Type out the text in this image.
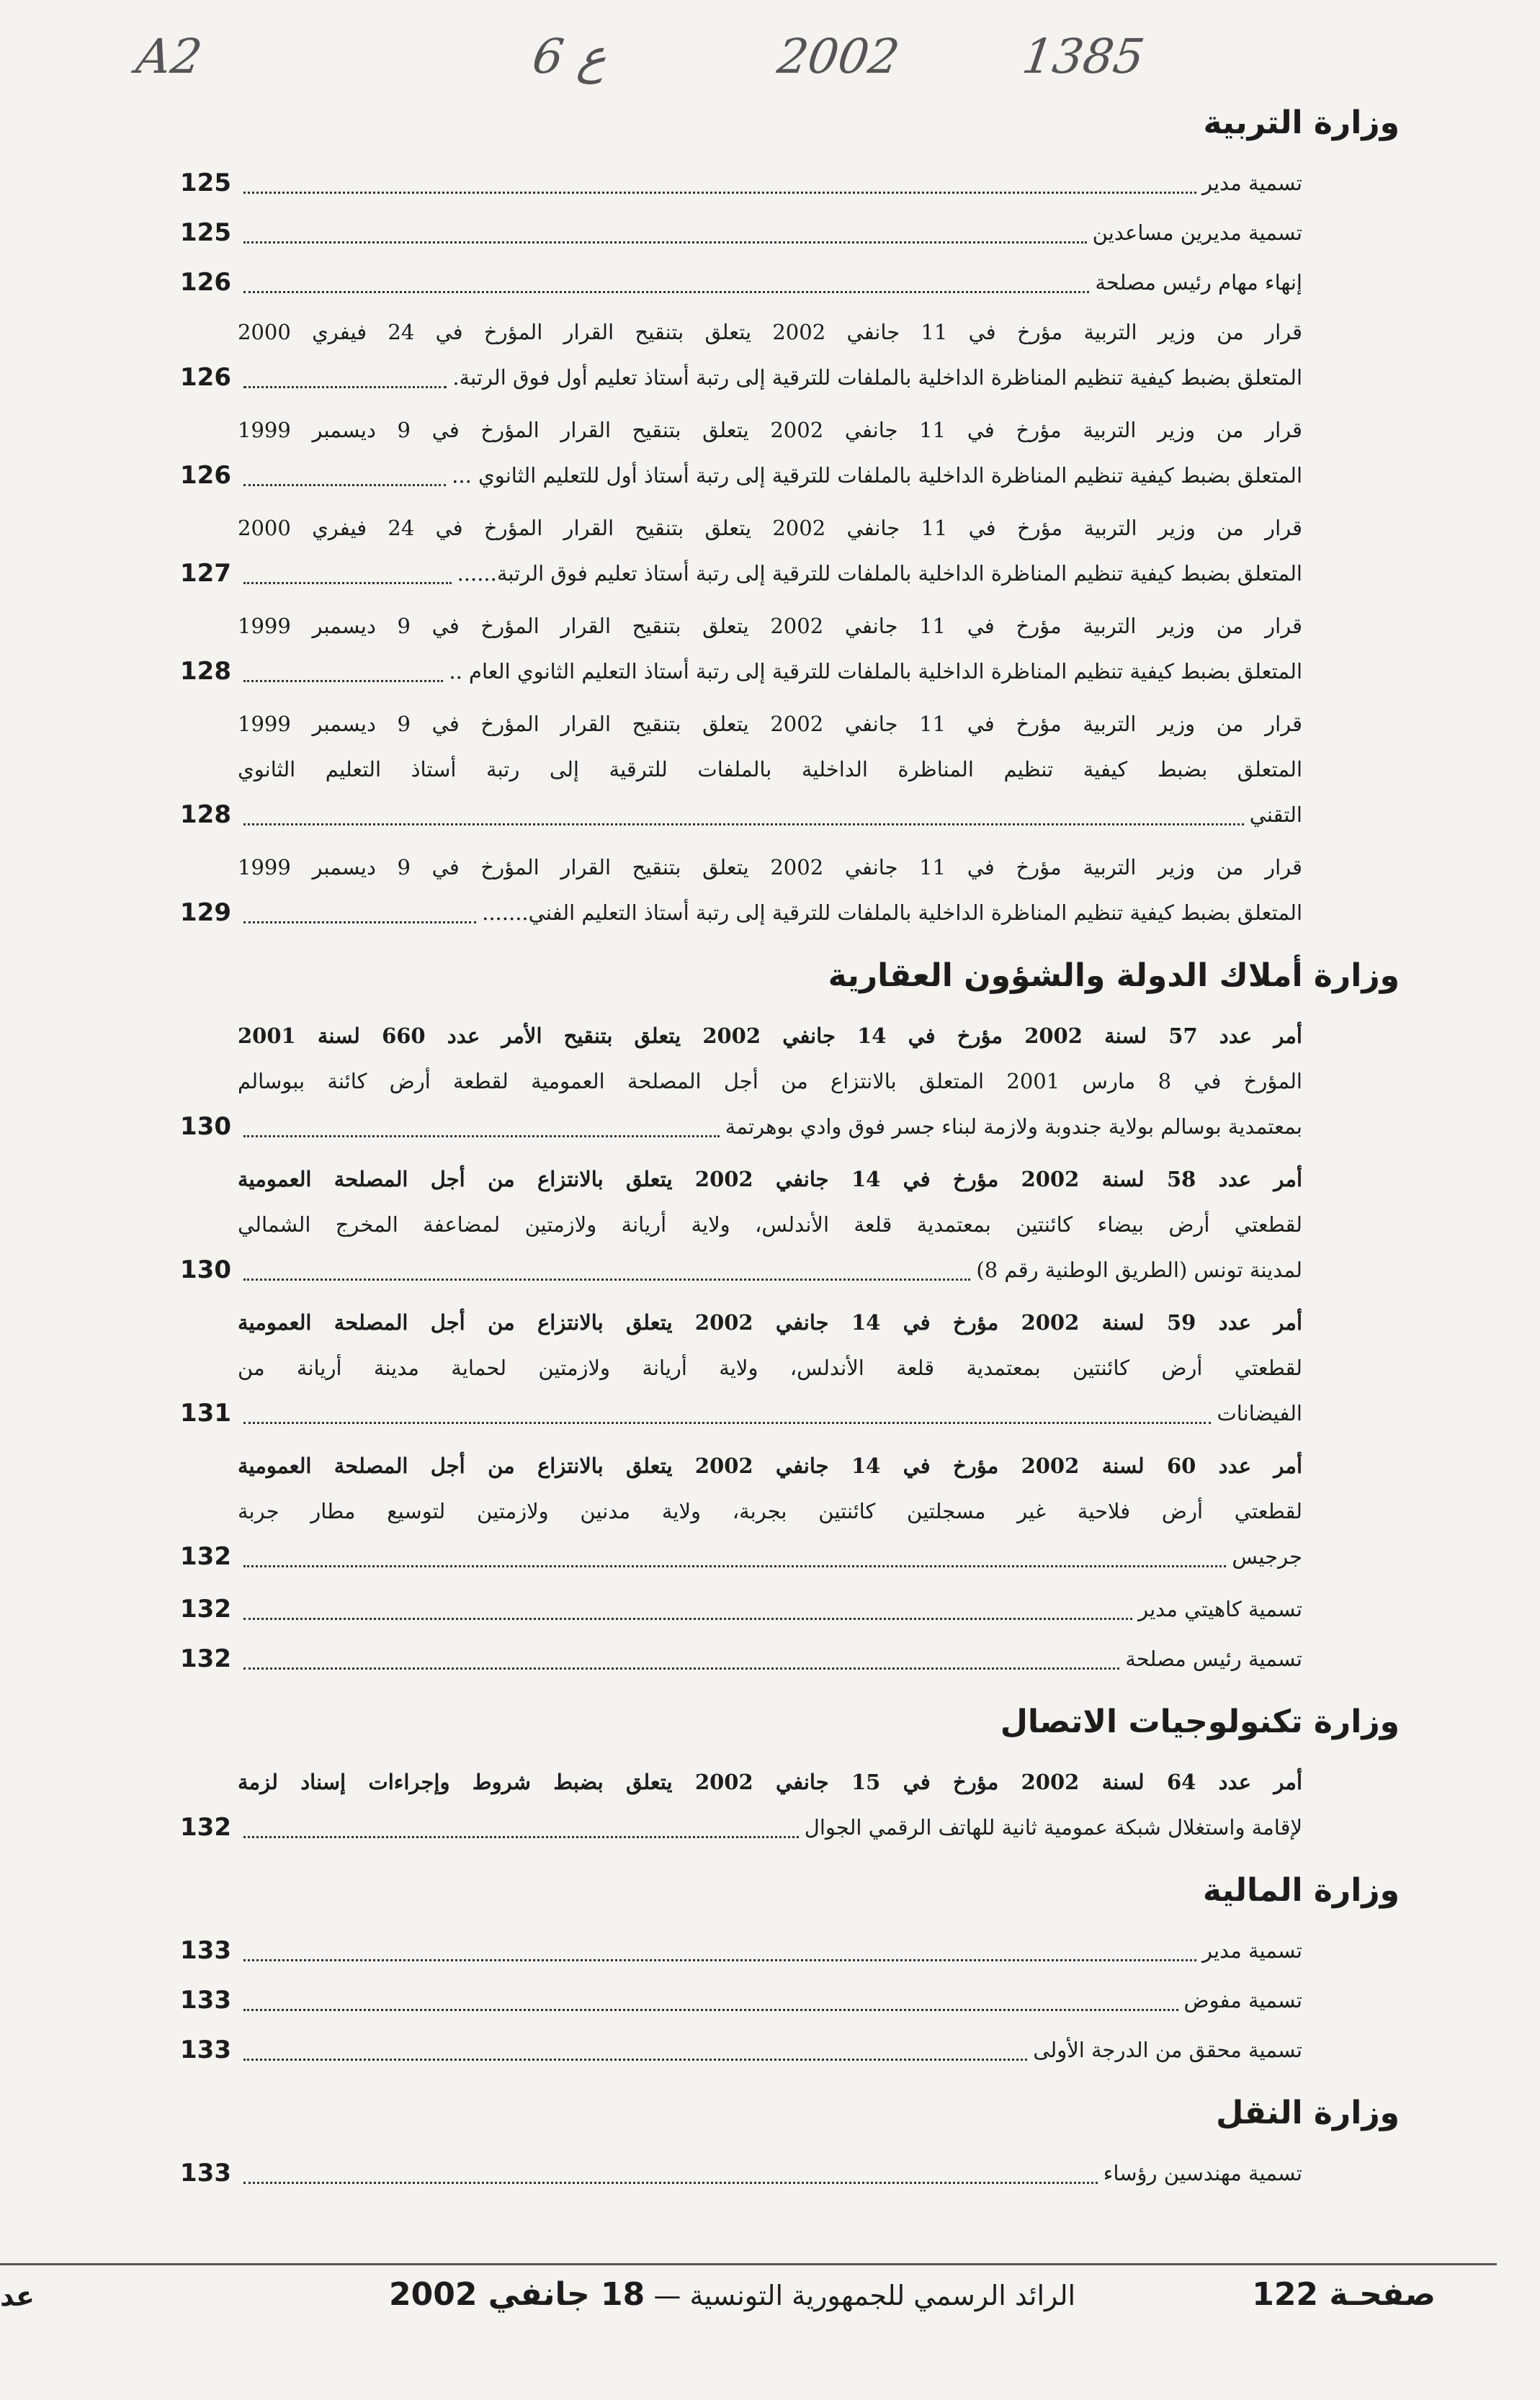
A2	6 ع	2002 1385
وزارة التربية
تسمية مدير
125
تسمية مديرين مساعدين
125
إنهاء مهام رئيس مصلحة
126

قرار من وزير التربية مؤرخ في 11 جانفي 2002 يتعلق بتنقيح القرار المؤرخ في 24 فيفري 2000

المتعلق بضبط كيفية تنظيم المناظرة الداخلية بالملفات للترقية إلى رتبة أستاذ تعليم أول فوق الرتبة.

126

قرار من وزير التربية مؤرخ في 11 جانفي 2002 يتعلق بتنقيح القرار المؤرخ في 9 ديسمبر 1999

المتعلق بضبط كيفية تنظيم المناظرة الداخلية بالملفات للترقية إلى رتبة أستاذ أول للتعليم الثانوي ...

126

قرار من وزير التربية مؤرخ في 11 جانفي 2002 يتعلق بتنقيح القرار المؤرخ في 24 فيفري 2000

المتعلق بضبط كيفية تنظيم المناظرة الداخلية بالملفات للترقية إلى رتبة أستاذ تعليم فوق الرتبة......

127

قرار من وزير التربية مؤرخ في 11 جانفي 2002 يتعلق بتنقيح القرار المؤرخ في 9 ديسمبر 1999

المتعلق بضبط كيفية تنظيم المناظرة الداخلية بالملفات للترقية إلى رتبة أستاذ التعليم الثانوي العام ..

128

قرار من وزير التربية مؤرخ في 11 جانفي 2002 يتعلق بتنقيح القرار المؤرخ في 9 ديسمبر 1999

المتعلق بضبط كيفية تنظيم المناظرة الداخلية بالملفات للترقية إلى رتبة أستاذ التعليم الثانوي

التقني

128

قرار من وزير التربية مؤرخ في 11 جانفي 2002 يتعلق بتنقيح القرار المؤرخ في 9 ديسمبر 1999

المتعلق بضبط كيفية تنظيم المناظرة الداخلية بالملفات للترقية إلى رتبة أستاذ التعليم الفني.......

129
وزارة أملاك الدولة والشؤون العقارية

أمر عدد 57 لسنة 2002 مؤرخ في 14 جانفي 2002 يتعلق بتنقيح الأمر عدد 660 لسنة 2001

المؤرخ في 8 مارس 2001 المتعلق بالانتزاع من أجل المصلحة العمومية لقطعة أرض كائنة ببوسالم

بمعتمدية بوسالم بولاية جندوبة ولازمة لبناء جسر فوق وادي بوهرتمة

130

أمر عدد 58 لسنة 2002 مؤرخ في 14 جانفي 2002 يتعلق بالانتزاع من أجل المصلحة العمومية

لقطعتي أرض بيضاء كائنتين بمعتمدية قلعة الأندلس، ولاية أريانة ولازمتين لمضاعفة المخرج الشمالي

لمدينة تونس (الطريق الوطنية رقم 8)

130

أمر عدد 59 لسنة 2002 مؤرخ في 14 جانفي 2002 يتعلق بالانتزاع من أجل المصلحة العمومية

لقطعتي أرض كائنتين بمعتمدية قلعة الأندلس، ولاية أريانة ولازمتين لحماية مدينة أريانة من

الفيضانات

131

أمر عدد 60 لسنة 2002 مؤرخ في 14 جانفي 2002 يتعلق بالانتزاع من أجل المصلحة العمومية

لقطعتي أرض فلاحية غير مسجلتين كائنتين بجربة، ولاية مدنين ولازمتين لتوسيع مطار جربة

جرجيس

132
تسمية كاهيتي مدير
132
تسمية رئيس مصلحة
132
وزارة تكنولوجيات الاتصال

أمر عدد 64 لسنة 2002 مؤرخ في 15 جانفي 2002 يتعلق بضبط شروط وإجراءات إسناد لزمة

لإقامة واستغلال شبكة عمومية ثانية للهاتف الرقمي الجوال

132
وزارة المالية
تسمية مدير
133
تسمية مفوض
133
تسمية محقق من الدرجة الأولى
133
وزارة النقل
تسمية مهندسين رؤساء
133
صفحـة 122
الرائد الرسمي للجمهورية التونسية — 18 جانفي 2002
عد
